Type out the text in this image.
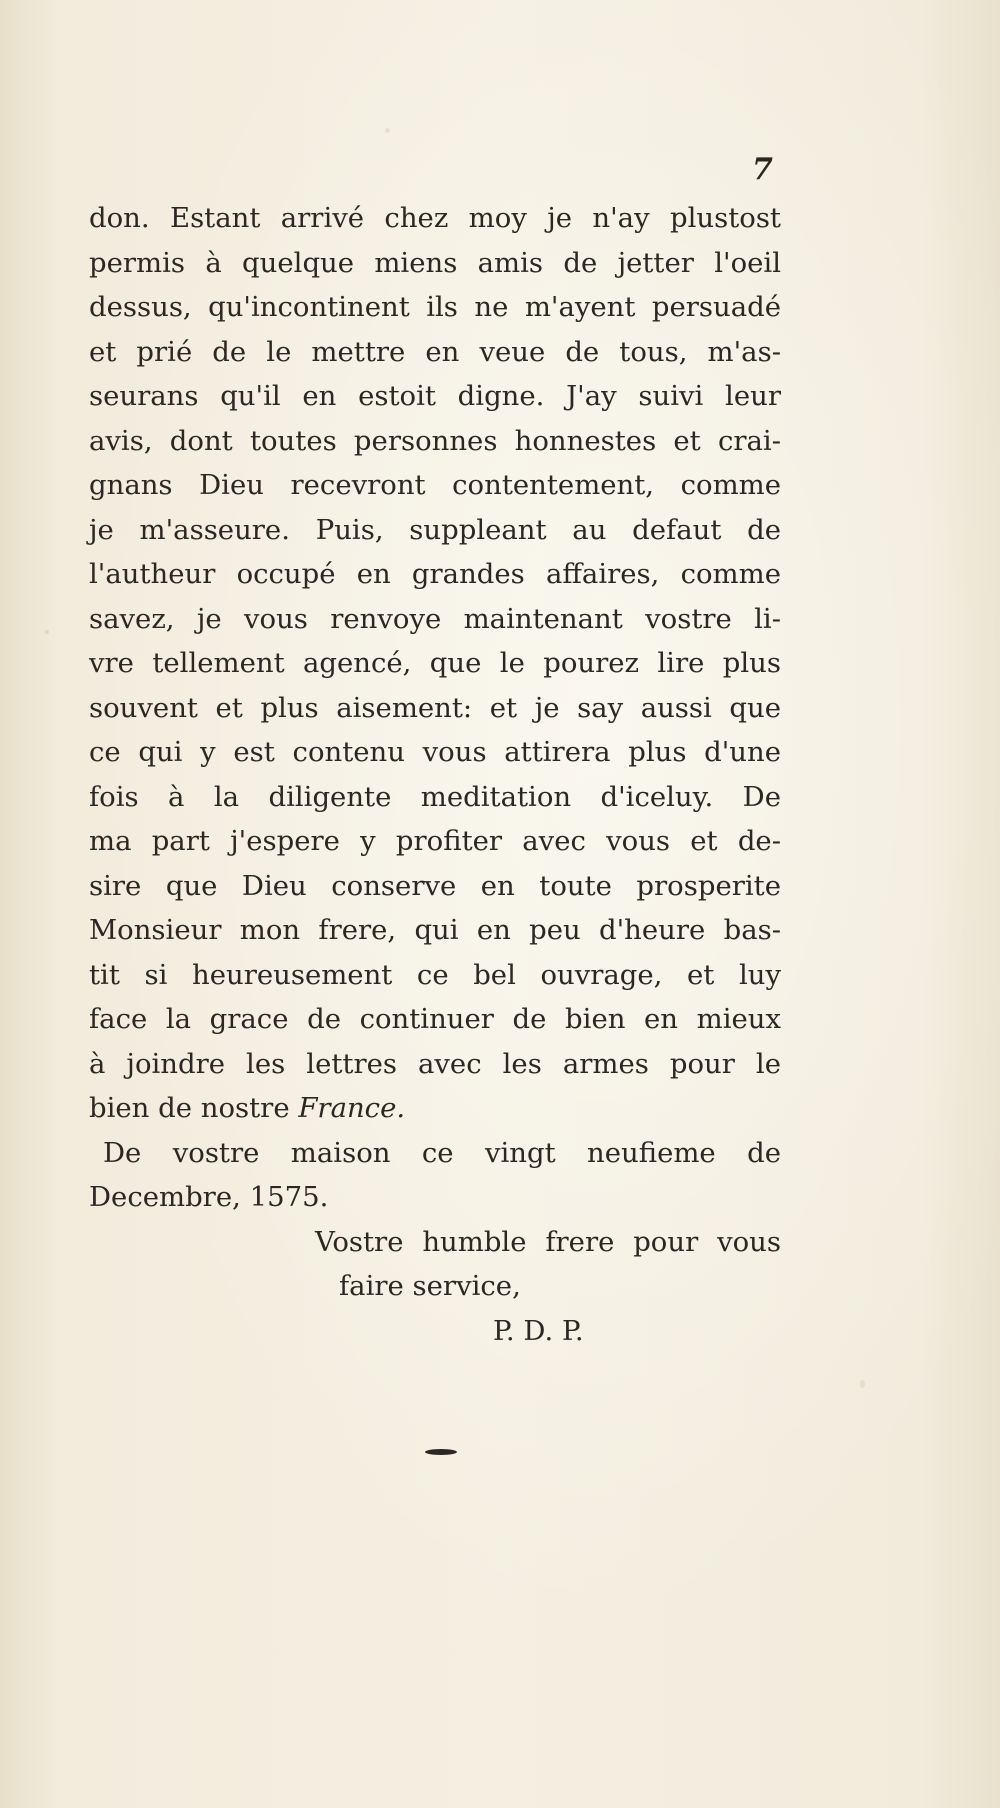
7
don. Estant arrivé chez moy je n'ay plustost
permis à quelque miens amis de jetter l'oeil
dessus, qu'incontinent ils ne m'ayent persuadé
et prié de le mettre en veue de tous, m'as-
seurans qu'il en estoit digne. J'ay suivi leur
avis, dont toutes personnes honnestes et crai-
gnans Dieu recevront contentement, comme
je m'asseure. Puis, suppleant au defaut de
l'autheur occupé en grandes affaires, comme
savez, je vous renvoye maintenant vostre li-
vre tellement agencé, que le pourez lire plus
souvent et plus aisement: et je say aussi que
ce qui y est contenu vous attirera plus d'une
fois à la diligente meditation d'iceluy. De
ma part j'espere y profiter avec vous et de-
sire que Dieu conserve en toute prosperite
Monsieur mon frere, qui en peu d'heure bas-
tit si heureusement ce bel ouvrage, et luy
face la grace de continuer de bien en mieux
à joindre les lettres avec les armes pour le
bien de nostre France.
De vostre maison ce vingt neufieme de
Decembre, 1575.
Vostre humble frere pour vous
faire service,
P. D. P.
